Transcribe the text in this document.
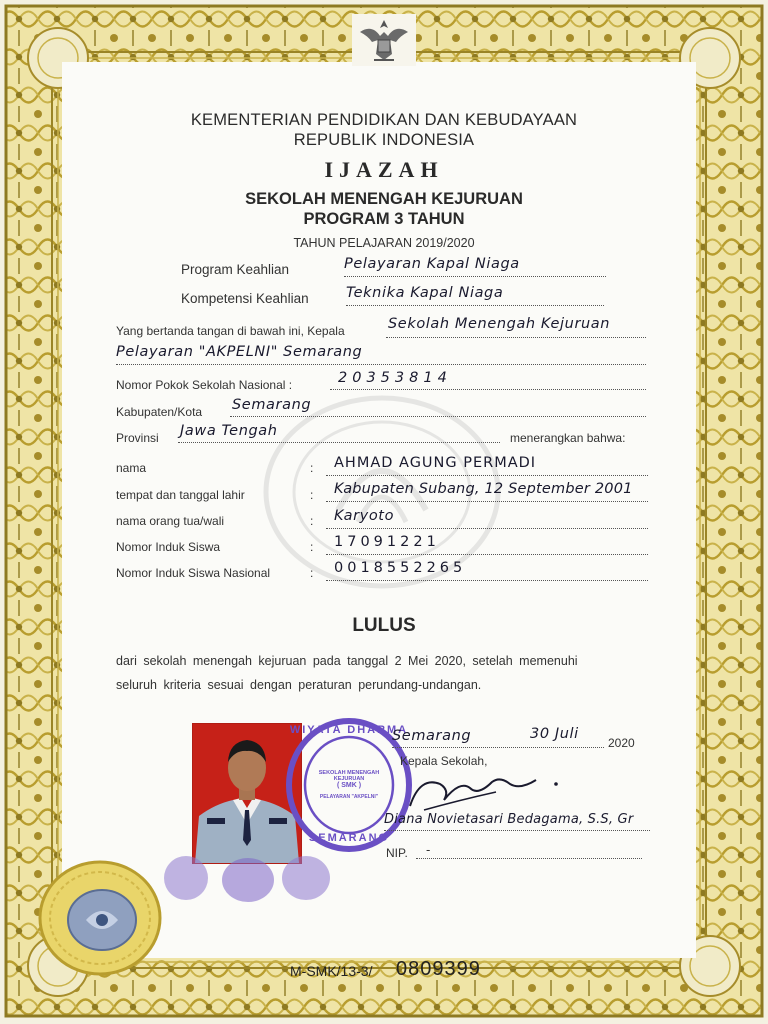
KEMENTERIAN PENDIDIKAN DAN KEBUDAYAAN
REPUBLIK INDONESIA
IJAZAH
SEKOLAH MENENGAH KEJURUAN
PROGRAM 3 TAHUN
TAHUN PELAJARAN 2019/2020
Program Keahlian	Pelayaran Kapal Niaga
Kompetensi Keahlian	Teknika Kapal Niaga
Yang bertanda tangan di bawah ini, Kepala	Sekolah Menengah Kejuruan
Pelayaran "AKPELNI" Semarang
Nomor Pokok Sekolah Nasional :	20353814
Kabupaten/Kota Semarang
Provinsi Jawa Tengah	menerangkan bahwa:
nama	: AHMAD AGUNG PERMADI
tempat dan tanggal lahir	: Kabupaten Subang, 12 September 2001
nama orang tua/wali	: Karyoto
Nomor Induk Siswa	: 17091221
Nomor Induk Siswa Nasional	: 0018552265
LULUS
dari sekolah menengah kejuruan pada tanggal 2 Mei 2020, setelah memenuhi
seluruh kriteria sesuai dengan peraturan perundang-undangan.
WIYATA DHARMA
SEKOLAH MENENGAH KEJURUAN
( SMK )
PELAYARAN "AKPELNI"
SEMARANG
Semarang	30 Juli
2020
Kepala Sekolah,
Diana Novietasari Bedagama, S.S, Gr
NIP. -
M-SMK/13-3/ 0809399
